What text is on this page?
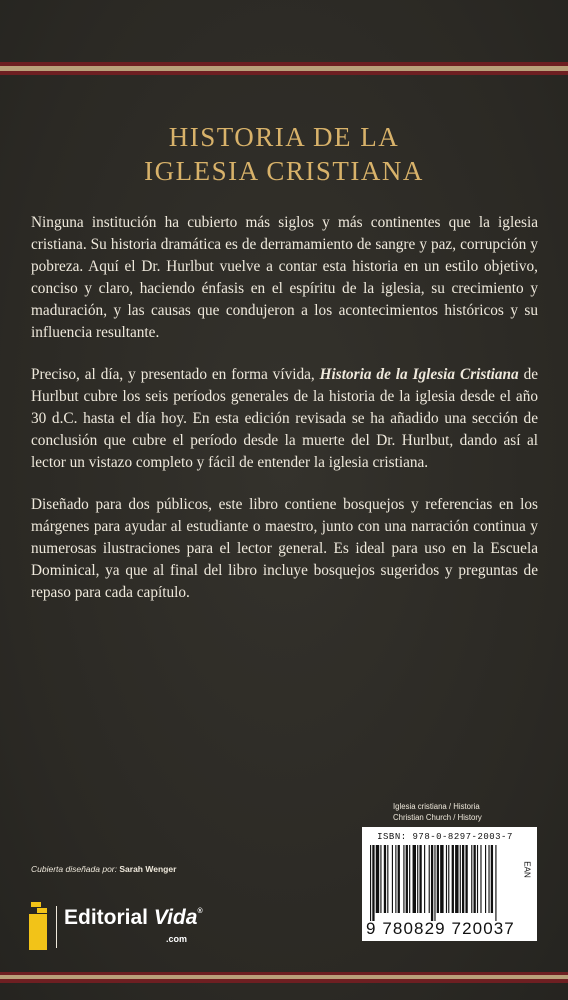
HISTORIA DE LA
IGLESIA CRISTIANA

Ninguna institución ha cubierto más siglos y más continentes que la iglesia cristiana. Su historia dramática es de derramamiento de sangre y paz, corrupción y pobreza. Aquí el Dr. Hurlbut vuelve a contar esta historia en un estilo objetivo, conciso y claro, haciendo énfasis en el espíritu de la iglesia, su crecimiento y maduración, y las causas que condujeron a los acontecimientos históricos y su influencia resultante.

Preciso, al día, y presentado en forma vívida, Historia de la Iglesia Cristiana de Hurlbut cubre los seis períodos generales de la historia de la iglesia desde el año 30 d.C. hasta el día hoy. En esta edición revisada se ha añadido una sección de conclusión que cubre el período desde la muerte del Dr. Hurlbut, dando así al lector un vistazo completo y fácil de entender la iglesia cristiana.

Diseñado para dos públicos, este libro contiene bosquejos y referencias en los márgenes para ayudar al estudiante o maestro, junto con una narración continua y numerosas ilustraciones para el lector general. Es ideal para uso en la Escuela Dominical, ya que al final del libro incluye bosquejos sugeridos y preguntas de repaso para cada capítulo.

Iglesia cristiana / Historia
Christian Church / History
ISBN: 978-0-8297-2003-7
9 780829 720037
EAN
Cubierta diseñada por: Sarah Wenger
Editorial Vida®
.com
